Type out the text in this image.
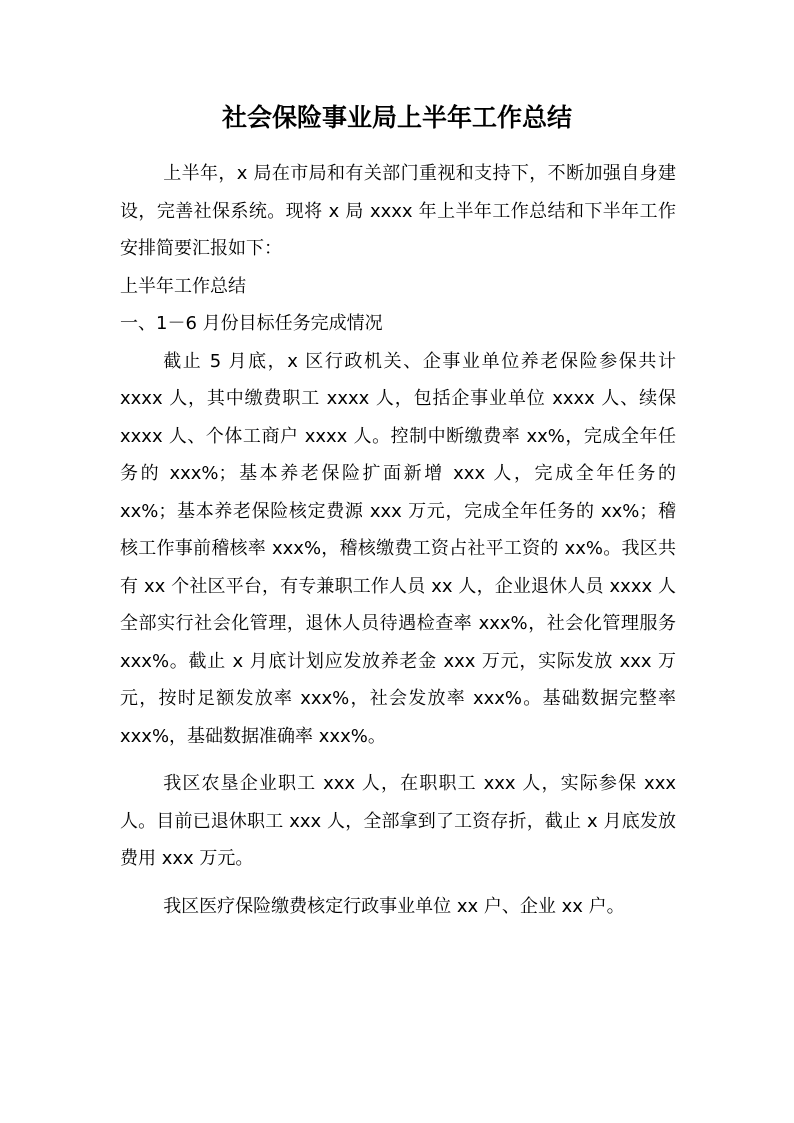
社会保险事业局上半年工作总结

上半年，x 局在市局和有关部门重视和支持下，不断加强自身建设，完善社保系统。现将 x 局 xxxx 年上半年工作总结和下半年工作安排简要汇报如下：

上半年工作总结

一、1－6 月份目标任务完成情况

截止 5 月底，x 区行政机关、企事业单位养老保险参保共计 xxxx 人，其中缴费职工 xxxx 人，包括企事业单位 xxxx 人、续保 xxxx 人、个体工商户 xxxx 人。控制中断缴费率 xx%，完成全年任务的 xxx%；基本养老保险扩面新增 xxx 人，完成全年任务的 xx%；基本养老保险核定费源 xxx 万元，完成全年任务的 xx%；稽核工作事前稽核率 xxx%，稽核缴费工资占社平工资的 xx%。我区共有 xx 个社区平台，有专兼职工作人员 xx 人，企业退休人员 xxxx 人全部实行社会化管理，退休人员待遇检查率 xxx%，社会化管理服务 xxx%。截止 x 月底计划应发放养老金 xxx 万元，实际发放 xxx 万元，按时足额发放率 xxx%，社会发放率 xxx%。基础数据完整率 xxx%，基础数据准确率 xxx%。

我区农垦企业职工 xxx 人，在职职工 xxx 人，实际参保 xxx 人。目前已退休职工 xxx 人，全部拿到了工资存折，截止 x 月底发放费用 xxx 万元。

我区医疗保险缴费核定行政事业单位 xx 户、企业 xx 户。
